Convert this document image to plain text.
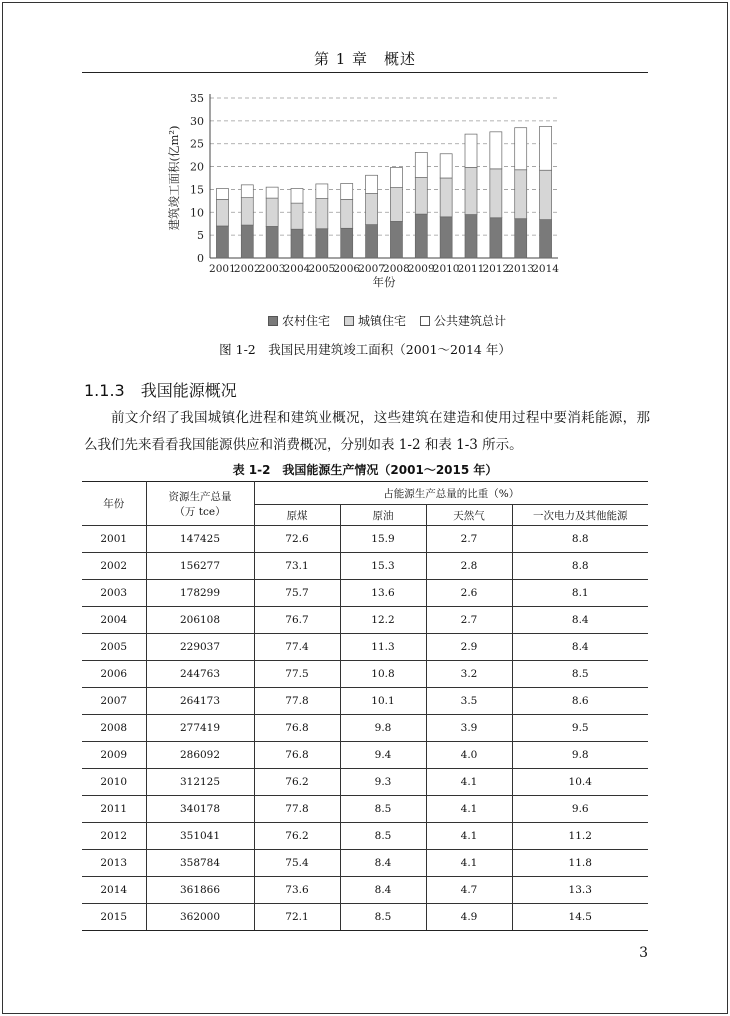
第 1 章　概述
0
5
10
15
20
25
30
35
2001
2002
2003
2004
2005
2006
2007
2008
2009
2010
2011
2012
2013
2014
年份
建筑竣工面积(亿m²)
农村住宅 城镇住宅 公共建筑总计
图 1-2　我国民用建筑竣工面积（2001～2014 年）
1.1.3 我国能源概况
前文介绍了我国城镇化进程和建筑业概况，这些建筑在建造和使用过程中要消耗能源，那么我们先来看看我国能源供应和消费概况，分别如表 1-2 和表 1-3 所示。
表 1-2　我国能源生产情况（2001～2015 年）
年份	资源生产总量
（万 tce）	占能源生产总量的比重（%）			
		原煤	原油	天然气	一次电力及其他能源
2001	147425	72.6	15.9	2.7	8.8
2002	156277	73.1	15.3	2.8	8.8
2003	178299	75.7	13.6	2.6	8.1
2004	206108	76.7	12.2	2.7	8.4
2005	229037	77.4	11.3	2.9	8.4
2006	244763	77.5	10.8	3.2	8.5
2007	264173	77.8	10.1	3.5	8.6
2008	277419	76.8	9.8	3.9	9.5
2009	286092	76.8	9.4	4.0	9.8
2010	312125	76.2	9.3	4.1	10.4
2011	340178	77.8	8.5	4.1	9.6
2012	351041	76.2	8.5	4.1	11.2
2013	358784	75.4	8.4	4.1	11.8
2014	361866	73.6	8.4	4.7	13.3
2015	362000	72.1	8.5	4.9	14.5
3
